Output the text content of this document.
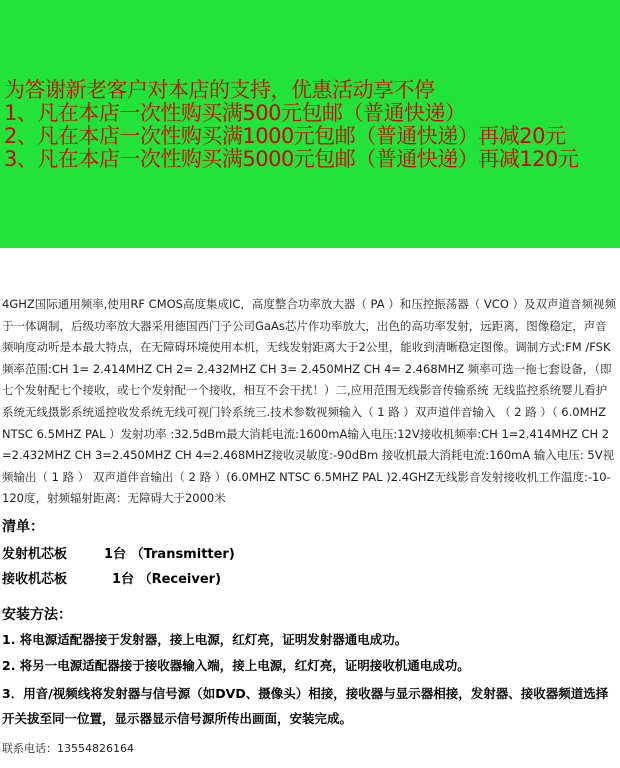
为答谢新老客户对本店的支持，优惠活动享不停
1、凡在本店一次性购买满500元包邮（普通快递）
2、凡在本店一次性购买满1000元包邮（普通快递）再减20元
3、凡在本店一次性购买满5000元包邮（普通快递）再减120元
4GHZ国际通用频率,使用RF CMOS高度集成IC，高度整合功率放大器（ PA ）和压控振荡器（ VCO ）及双声道音频视频于一体调制，后级功率放大器采用德国西门子公司GaAs芯片作功率放大，出色的高功率发射，远距离，图像稳定，声音频响度动听是本最大特点，在无障碍环境使用本机，无线发射距离大于2公里，能收到清晰稳定图像。调制方式:FM /FSK 频率范围:CH 1= 2.414MHZ CH 2= 2.432MHZ CH 3= 2.450MHZ CH 4= 2.468MHZ 频率可选一拖七套设备，（即七个发射配七个接收，或七个发射配一个接收，相互不会干扰！）二,应用范围无线影音传输系统 无线监控系统婴儿看护系统无线摄影系统遥控收发系统无线可视门铃系统三.技术参数视频输入（ 1 路 ）双声道伴音输入 （ 2 路 ）（ 6.0MHZ NTSC 6.5MHZ PAL ）发射功率 :32.5dBm最大消耗电流:1600mA输入电压:12V接收机频率:CH 1=2.414MHZ CH 2=2.432MHZ CH 3=2.450MHZ CH 4=2.468MHZ接收灵敏度:-90dBm 接收机最大消耗电流:160mA 输入电压: 5V视频输出（ 1 路 ） 双声道伴音输出（ 2 路 ）(6.0MHZ NTSC 6.5MHZ PAL )2.4GHZ无线影音发射接收机工作温度:-10-120度，射频辐射距离：无障碍大于2000米
清单：
发射机芯板	1台 （Transmitter)
接收机芯板	1台 （Receiver)
安装方法：
1. 将电源适配器接于发射器，接上电源，红灯亮，证明发射器通电成功。
2. 将另一电源适配器接于接收器输入端，接上电源，红灯亮，证明接收机通电成功。
3．用音/视频线将发射器与信号源（如DVD、摄像头）相接，接收器与显示器相接，发射器、接收器频道选择开关拔至同一位置，显示器显示信号源所传出画面，安装完成。
联系电话：13554826164
